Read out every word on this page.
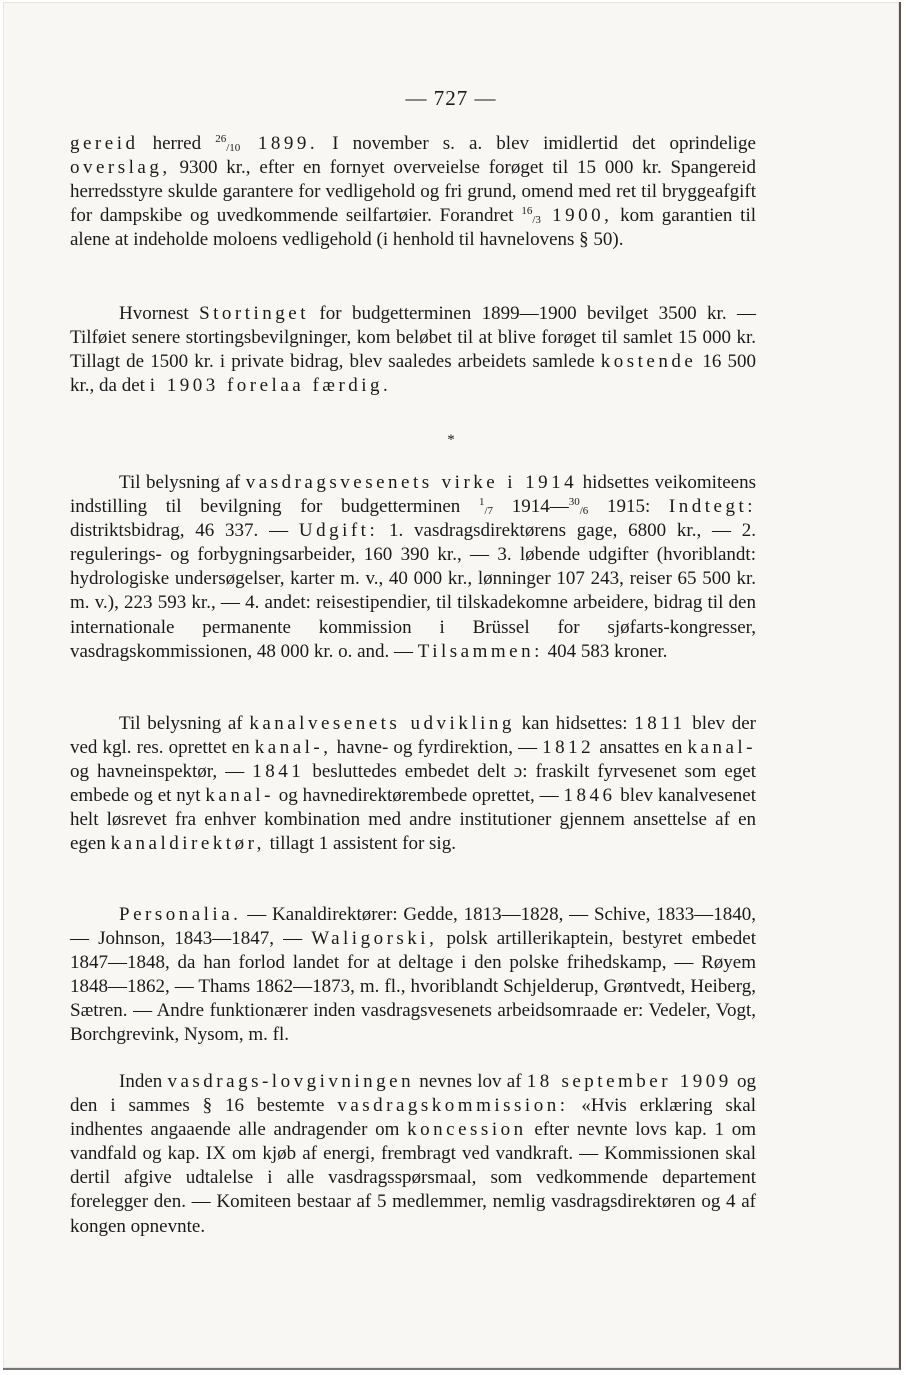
— 727 —

gereid herred $^{26}_{/10}$ 1899. I november s. a. blev imidlertid det oprindelige overslag, 9300 kr., efter en fornyet overveielse forøget til 15 000 kr. Spangereid herredsstyre skulde garantere for vedligehold og fri grund, omend med ret til bryggeafgift for dampskibe og uvedkommende seilfartøier. Forandret $^{16}_{/3}$ 1900, kom garantien til alene at indeholde moloens vedligehold (i henhold til havnelovens § 50).

Hvornest Stortinget for budgetterminen 1899—1900 bevilget 3500 kr. — Tilføiet senere stortingsbevilgninger, kom beløbet til at blive forøget til samlet 15 000 kr. Tillagt de 1500 kr. i private bidrag, blev saaledes arbeidets samlede kostende 16 500 kr., da det i 1903 forelaa færdig.

*

Til belysning af vasdragsvesenets virke i 1914 hidsettes veikomiteens indstilling til bevilgning for budgetterminen $^1_{/7}$ 1914—$^{30}_{/6}$ 1915: Indtegt: distriktsbidrag, 46 337. — Udgift: 1. vasdragsdirektørens gage, 6800 kr., — 2. regulerings- og forbygningsarbeider, 160 390 kr., — 3. løbende udgifter (hvoriblandt: hydrologiske undersøgelser, karter m. v., 40 000 kr., lønninger 107 243, reiser 65 500 kr. m. v.), 223 593 kr., — 4. andet: reisestipendier, til tilskadekomne arbeidere, bidrag til den internationale permanente kommission i Brüssel for sjøfarts-kongresser, vasdragskommissionen, 48 000 kr. o. and. — Tilsammen: 404 583 kroner.

Til belysning af kanalvesenets udvikling kan hidsettes: 1811 blev der ved kgl. res. oprettet en kanal-, havne- og fyrdirektion, — 1812 ansattes en kanal- og havneinspektør, — 1841 besluttedes embedet delt ɔ: fraskilt fyrvesenet som eget embede og et nyt kanal- og havnedirektørembede oprettet, — 1846 blev kanalvesenet helt løsrevet fra enhver kombination med andre institutioner gjennem ansettelse af en egen kanaldirektør, tillagt 1 assistent for sig.

Personalia. — Kanaldirektører: Gedde, 1813—1828, — Schive, 1833—1840, — Johnson, 1843—1847, — Waligorski, polsk artillerikaptein, bestyret embedet 1847—1848, da han forlod landet for at deltage i den polske frihedskamp, — Røyem 1848—1862, — Thams 1862—1873, m. fl., hvoriblandt Schjelderup, Grøntvedt, Heiberg, Sætren. — Andre funktionærer inden vasdragsvesenets arbeidsomraade er: Vedeler, Vogt, Borchgrevink, Nysom, m. fl.

Inden vasdrags-lovgivningen nevnes lov af 18 september 1909 og den i sammes § 16 bestemte vasdragskommission: «Hvis erklæring skal indhentes angaaende alle andragender om koncession efter nevnte lovs kap. 1 om vandfald og kap. IX om kjøb af energi, frembragt ved vandkraft. — Kommissionen skal dertil afgive udtalelse i alle vasdragsspørsmaal, som vedkommende departement forelegger den. — Komiteen bestaar af 5 medlemmer, nemlig vasdragsdirektøren og 4 af kongen opnevnte.
